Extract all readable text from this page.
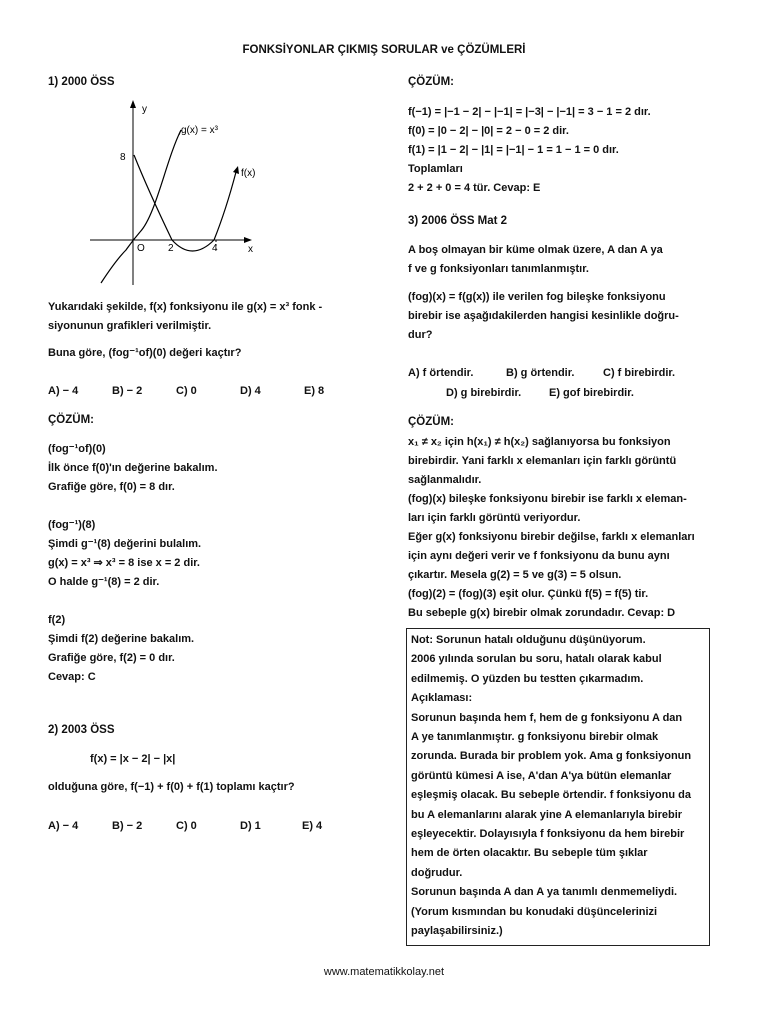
FONKSİYONLAR ÇIKMIŞ SORULAR ve ÇÖZÜMLERİ
1) 2000 ÖSS
y
x
g(x) = x³
f(x)
8
O 2	4

Yukarıdaki şekilde, f(x) fonksiyonu ile g(x) = x³ fonk -

siyonunun grafikleri verilmiştir.

Buna göre, (fog⁻¹of)(0) değeri kaçtır?
A) − 4	B) − 2	C) 0	D) 4	E) 8
ÇÖZÜM:

(fog⁻¹of)(0)

İlk önce f(0)'ın değerine bakalım.

Grafiğe göre, f(0) = 8 dır.

(fog⁻¹)(8)

Şimdi g⁻¹(8) değerini bulalım.

g(x) = x³ ⇒ x³ = 8 ise x = 2 dir.

O halde g⁻¹(8) = 2 dir.

f(2)

Şimdi f(2) değerine bakalım.

Grafiğe göre, f(2) = 0 dır.

Cevap: C

2) 2003 ÖSS
f(x) = |x − 2| − |x|
olduğuna göre, f(−1) + f(0) + f(1) toplamı kaçtır?
A) − 4	B) − 2	C) 0	D) 1	E) 4
ÇÖZÜM:

f(−1) = |−1 − 2| − |−1| = |−3| − |−1| = 3 − 1 = 2 dır.

f(0) = |0 − 2| − |0| = 2 − 0 = 2 dir.

f(1) = |1 − 2| − |1| = |−1| − 1 = 1 − 1 = 0 dır.

Toplamları

2 + 2 + 0 = 4 tür. Cevap: E

3) 2006 ÖSS Mat 2

A boş olmayan bir küme olmak üzere, A dan A ya

f ve g fonksiyonları tanımlanmıştır.

(fog)(x) = f(g(x)) ile verilen fog bileşke fonksiyonu

birebir ise aşağıdakilerden hangisi kesinlikle doğru-

dur?

A) f örtendir.	B) g örtendir.	C) f birebirdir.
D) g birebirdir.	E) gof birebirdir.
ÇÖZÜM:

x₁ ≠ x₂ için h(x₁) ≠ h(x₂) sağlanıyorsa bu fonksiyon

birebirdir. Yani farklı x elemanları için farklı görüntü

sağlanmalıdır.

(fog)(x) bileşke fonksiyonu birebir ise farklı x eleman-

ları için farklı görüntü veriyordur.

Eğer g(x) fonksiyonu birebir değilse, farklı x elemanları

için aynı değeri verir ve f fonksiyonu da bunu aynı

çıkartır. Mesela g(2) = 5 ve g(3) = 5 olsun.

(fog)(2) = (fog)(3) eşit olur. Çünkü f(5) = f(5) tir.

Bu sebeple g(x) birebir olmak zorundadır. Cevap: D

Not: Sorunun hatalı olduğunu düşünüyorum.

2006 yılında sorulan bu soru, hatalı olarak kabul

edilmemiş. O yüzden bu testten çıkarmadım.

Açıklaması:

Sorunun başında hem f, hem de g fonksiyonu A dan

A ye tanımlanmıştır. g fonksiyonu birebir olmak

zorunda. Burada bir problem yok. Ama g fonksiyonun

görüntü kümesi A ise, A'dan A'ya bütün elemanlar

eşleşmiş olacak. Bu sebeple örtendir. f fonksiyonu da

bu A elemanlarını alarak yine A elemanlarıyla birebir

eşleyecektir. Dolayısıyla f fonksiyonu da hem birebir

hem de örten olacaktır. Bu sebeple tüm şıklar

doğrudur.

Sorunun başında A dan A ya tanımlı denmemeliydi.

(Yorum kısmından bu konudaki düşüncelerinizi

paylaşabilirsiniz.)

www.matematikkolay.net
